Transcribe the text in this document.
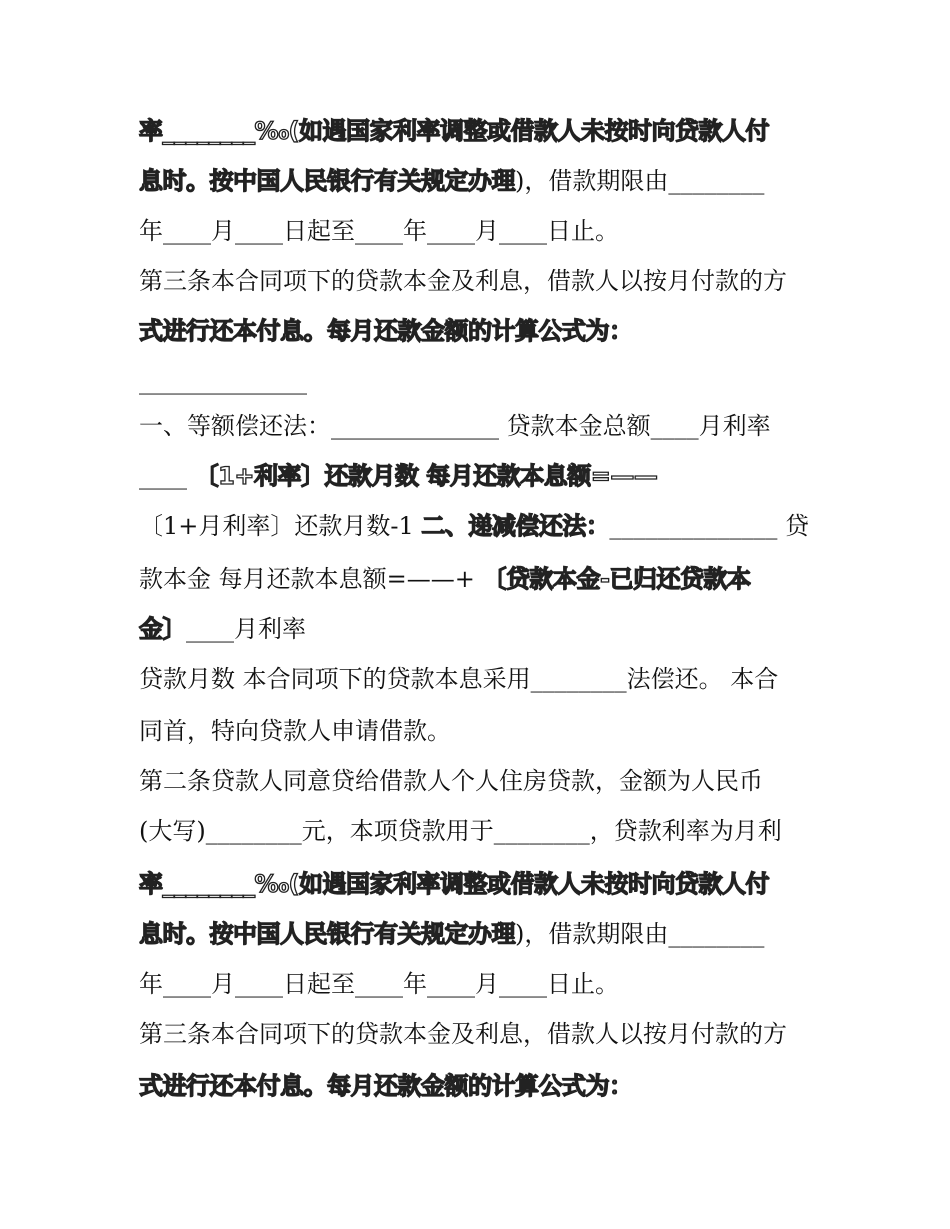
率________‰(如遇国家利率调整或借款人未按时向贷款人付
息时。按中国人民银行有关规定办理)，借款期限由________
年____月____日起至____年____月____日止。
第三条本合同项下的贷款本金及利息，借款人以按月付款的方
式进行还本付息。每月还款金额的计算公式为：
______________
一、等额偿还法：______________ 贷款本金总额____月利率
____ 〔1+利率〕还款月数 每月还款本息额=——
〔1+月利率〕还款月数-1 二、递减偿还法：______________ 贷
款本金 每月还款本息额=——+ 〔贷款本金-已归还贷款本
金〕____月利率
贷款月数 本合同项下的贷款本息采用________法偿还。 本合
同首，特向贷款人申请借款。
第二条贷款人同意贷给借款人个人住房贷款，金额为人民币
(大写)________元，本项贷款用于________，贷款利率为月利
率________‰(如遇国家利率调整或借款人未按时向贷款人付
息时。按中国人民银行有关规定办理)，借款期限由________
年____月____日起至____年____月____日止。
第三条本合同项下的贷款本金及利息，借款人以按月付款的方
式进行还本付息。每月还款金额的计算公式为：
